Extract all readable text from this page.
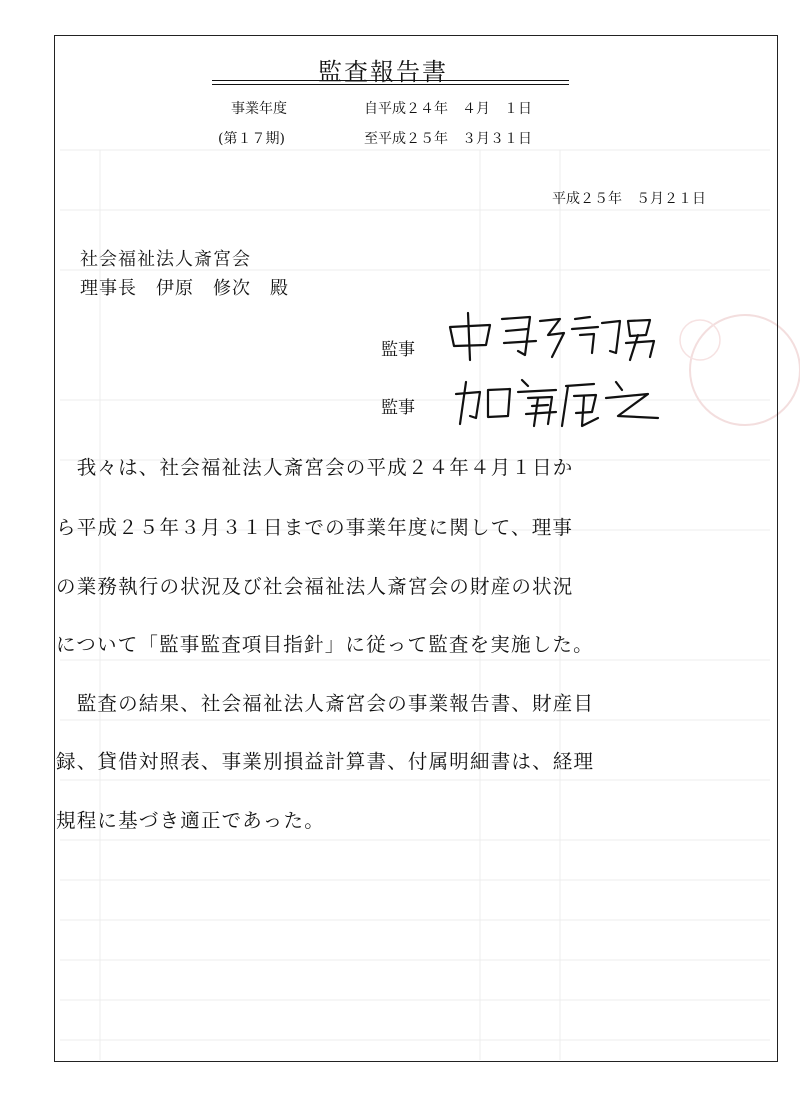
監査報告書
事業年度	自平成２４年　４月　１日
(第１７期)	至平成２５年　３月３１日
平成２５年　５月２１日
社会福祉法人斎宮会
理事長　伊原　修次　殿
監事
監事
　我々は、社会福祉法人斎宮会の平成２４年４月１日か
ら平成２５年３月３１日までの事業年度に関して、理事
の業務執行の状況及び社会福祉法人斎宮会の財産の状況
について「監事監査項目指針」に従って監査を実施した。
　監査の結果、社会福祉法人斎宮会の事業報告書、財産目
録、貸借対照表、事業別損益計算書、付属明細書は、経理
規程に基づき適正であった。
